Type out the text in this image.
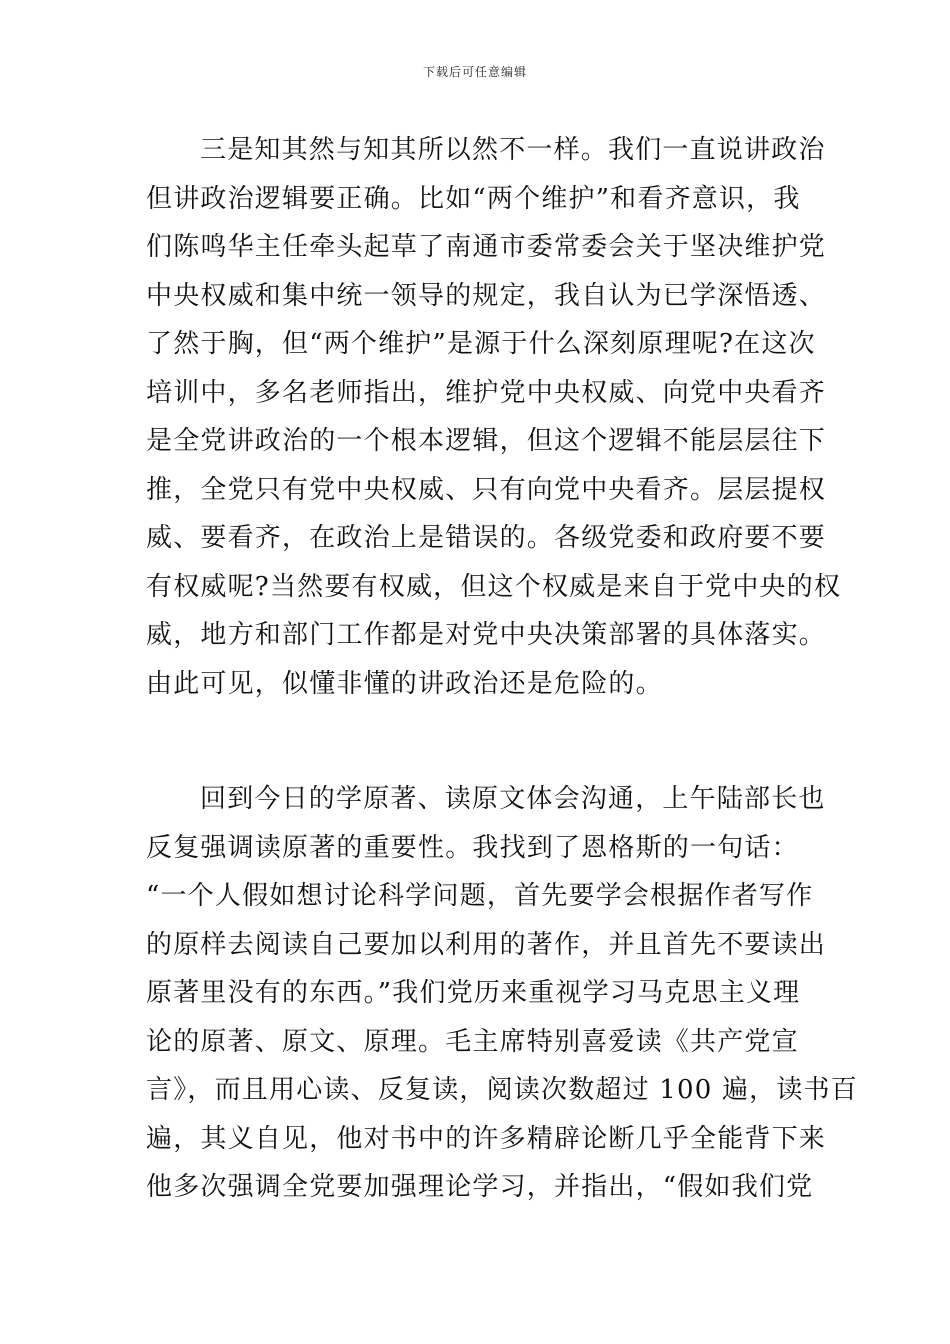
下载后可任意编辑
三是知其然与知其所以然不一样。我们一直说讲政治
但讲政治逻辑要正确。比如“两个维护”和看齐意识，我
们陈鸣华主任牵头起草了南通市委常委会关于坚决维护党
中央权威和集中统一领导的规定，我自认为已学深悟透、
了然于胸，但“两个维护”是源于什么深刻原理呢?在这次
培训中，多名老师指出，维护党中央权威、向党中央看齐
是全党讲政治的一个根本逻辑，但这个逻辑不能层层往下
推，全党只有党中央权威、只有向党中央看齐。层层提权
威、要看齐，在政治上是错误的。各级党委和政府要不要
有权威呢?当然要有权威，但这个权威是来自于党中央的权
威，地方和部门工作都是对党中央决策部署的具体落实。
由此可见，似懂非懂的讲政治还是危险的。
回到今日的学原著、读原文体会沟通，上午陆部长也
反复强调读原著的重要性。我找到了恩格斯的一句话：
“一个人假如想讨论科学问题，首先要学会根据作者写作
的原样去阅读自己要加以利用的著作，并且首先不要读出
原著里没有的东西。”我们党历来重视学习马克思主义理
论的原著、原文、原理。毛主席特别喜爱读《共产党宣
言》，而且用心读、反复读，阅读次数超过 100 遍，读书百
遍，其义自见，他对书中的许多精辟论断几乎全能背下来
他多次强调全党要加强理论学习，并指出，“假如我们党
